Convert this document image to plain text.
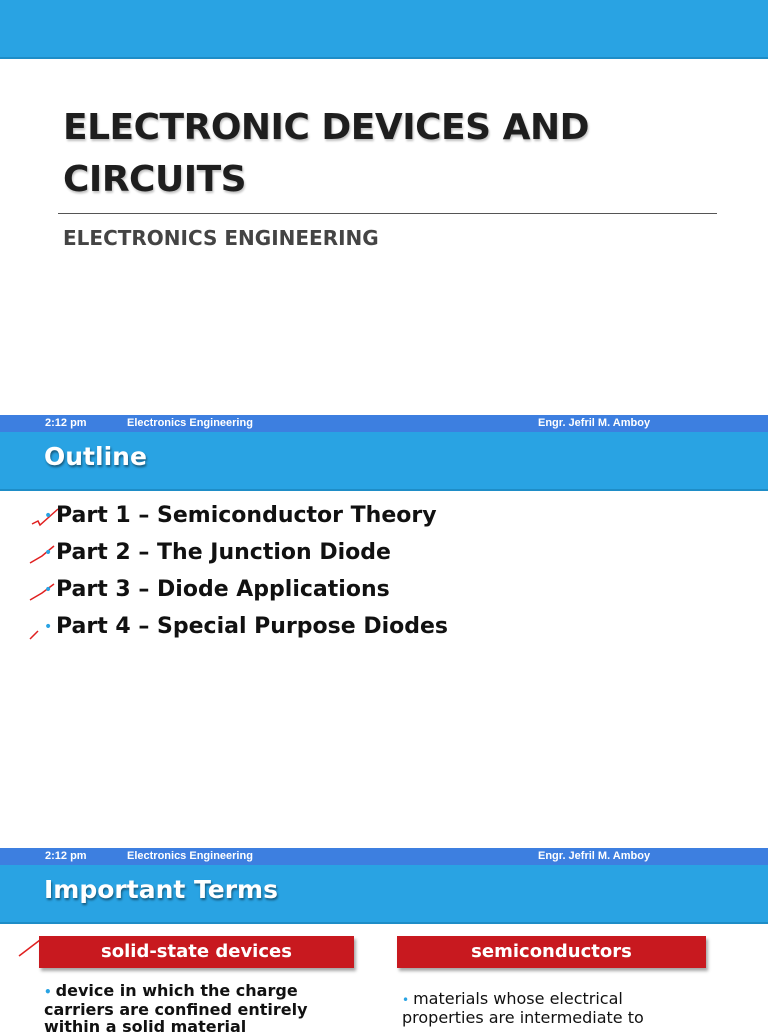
ELECTRONIC DEVICES AND
CIRCUITS
ELECTRONICS ENGINEERING
2:12 pm	Electronics Engineering	Engr. Jefril M. Amboy
Outline
• Part 1 – Semiconductor Theory
• Part 2 – The Junction Diode
• Part 3 – Diode Applications
• Part 4 – Special Purpose Diodes
2:12 pm	Electronics Engineering	Engr. Jefril M. Amboy
Important Terms
solid-state devices	semiconductors
• device in which the charge carriers are confined entirely within a solid material
• materials whose electrical properties are intermediate to
